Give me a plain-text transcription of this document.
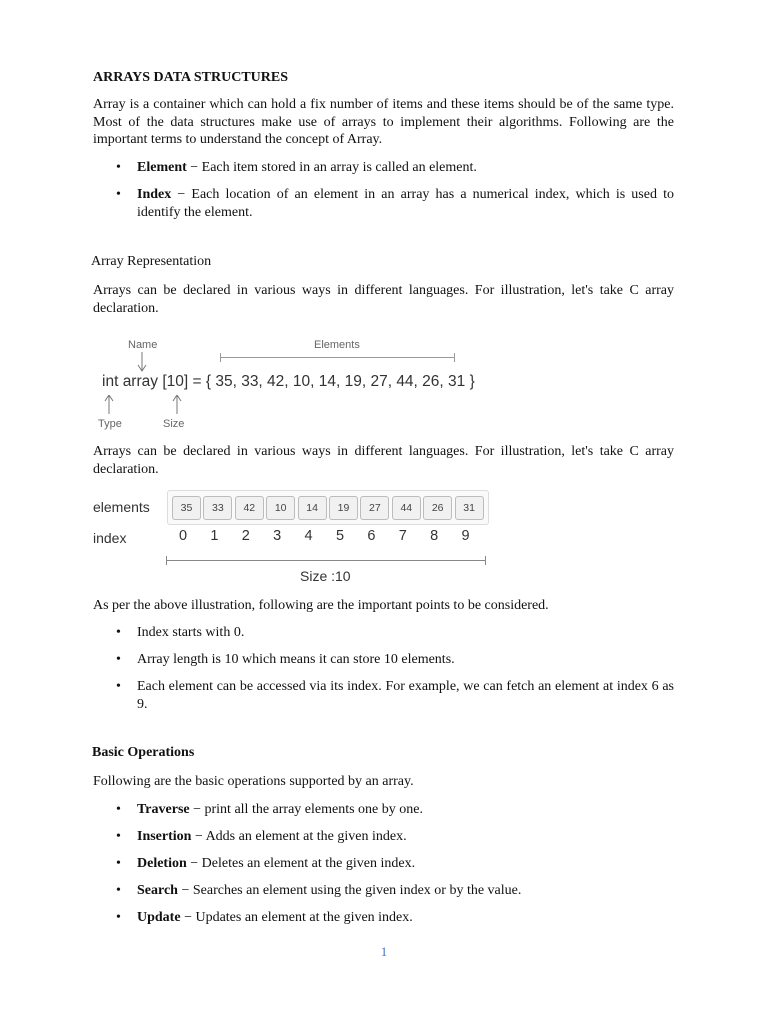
ARRAYS DATA STRUCTURES
Array is a container which can hold a fix number of items and these items should be of the same type. Most of the data structures make use of arrays to implement their algorithms. Following are the important terms to understand the concept of Array.
•	Element − Each item stored in an array is called an element.
•	Index − Each location of an element in an array has a numerical index, which is used to identify the element.
Array Representation
Arrays can be declared in various ways in different languages. For illustration, let's take C array declaration.
Name	Elements
int array [10] = { 35, 33, 42, 10, 14, 19, 27, 44, 26, 31 }
Type	Size
Arrays can be declared in various ways in different languages. For illustration, let's take C array declaration.
elements
index
35	33	42	10	14	19	27	44	26	31
0	1	2	3	4	5	6	7	8	9
Size :10
As per the above illustration, following are the important points to be considered.
•	Index starts with 0.
•	Array length is 10 which means it can store 10 elements.
•	Each element can be accessed via its index. For example, we can fetch an element at index 6 as 9.
Basic Operations
Following are the basic operations supported by an array.
•	Traverse − print all the array elements one by one.
•	Insertion − Adds an element at the given index.
•	Deletion − Deletes an element at the given index.
•	Search − Searches an element using the given index or by the value.
•	Update − Updates an element at the given index.
1
